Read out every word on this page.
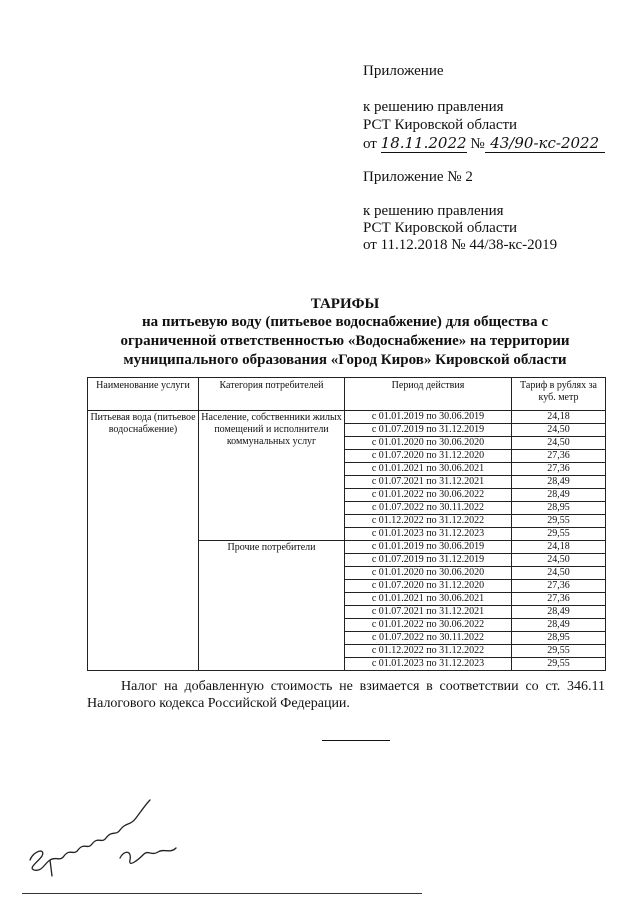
Приложение
к решению правления
РСТ Кировской области
от 18.11.2022 № 43/90-кс-2022
Приложение № 2
к решению правления
РСТ Кировской области
от 11.12.2018 № 44/38-кс-2019
ТАРИФЫ
на питьевую воду (питьевое водоснабжение) для общества с
ограниченной ответственностью «Водоснабжение» на территории
муниципального образования «Город Киров» Кировской области
Наименование услуги	Категория потребителей	Период действия	Тариф в рублях за куб. метр
Питьевая вода (питьевое водоснабжение)	Население, собственники жилых помещений и исполнители коммунальных услуг	с 01.01.2019 по 30.06.2019	24,18
		с 01.07.2019 по 31.12.2019	24,50
		с 01.01.2020 по 30.06.2020	24,50
		с 01.07.2020 по 31.12.2020	27,36
		с 01.01.2021 по 30.06.2021	27,36
		с 01.07.2021 по 31.12.2021	28,49
		с 01.01.2022 по 30.06.2022	28,49
		с 01.07.2022 по 30.11.2022	28,95
		с 01.12.2022 по 31.12.2022	29,55
		с 01.01.2023 по 31.12.2023	29,55
	Прочие потребители	с 01.01.2019 по 30.06.2019	24,18
		с 01.07.2019 по 31.12.2019	24,50
		с 01.01.2020 по 30.06.2020	24,50
		с 01.07.2020 по 31.12.2020	27,36
		с 01.01.2021 по 30.06.2021	27,36
		с 01.07.2021 по 31.12.2021	28,49
		с 01.01.2022 по 30.06.2022	28,49
		с 01.07.2022 по 30.11.2022	28,95
		с 01.12.2022 по 31.12.2022	29,55
		с 01.01.2023 по 31.12.2023	29,55
Налог на добавленную стоимость не взимается в соответствии со ст. 346.11 Налогового кодекса Российской Федерации.
